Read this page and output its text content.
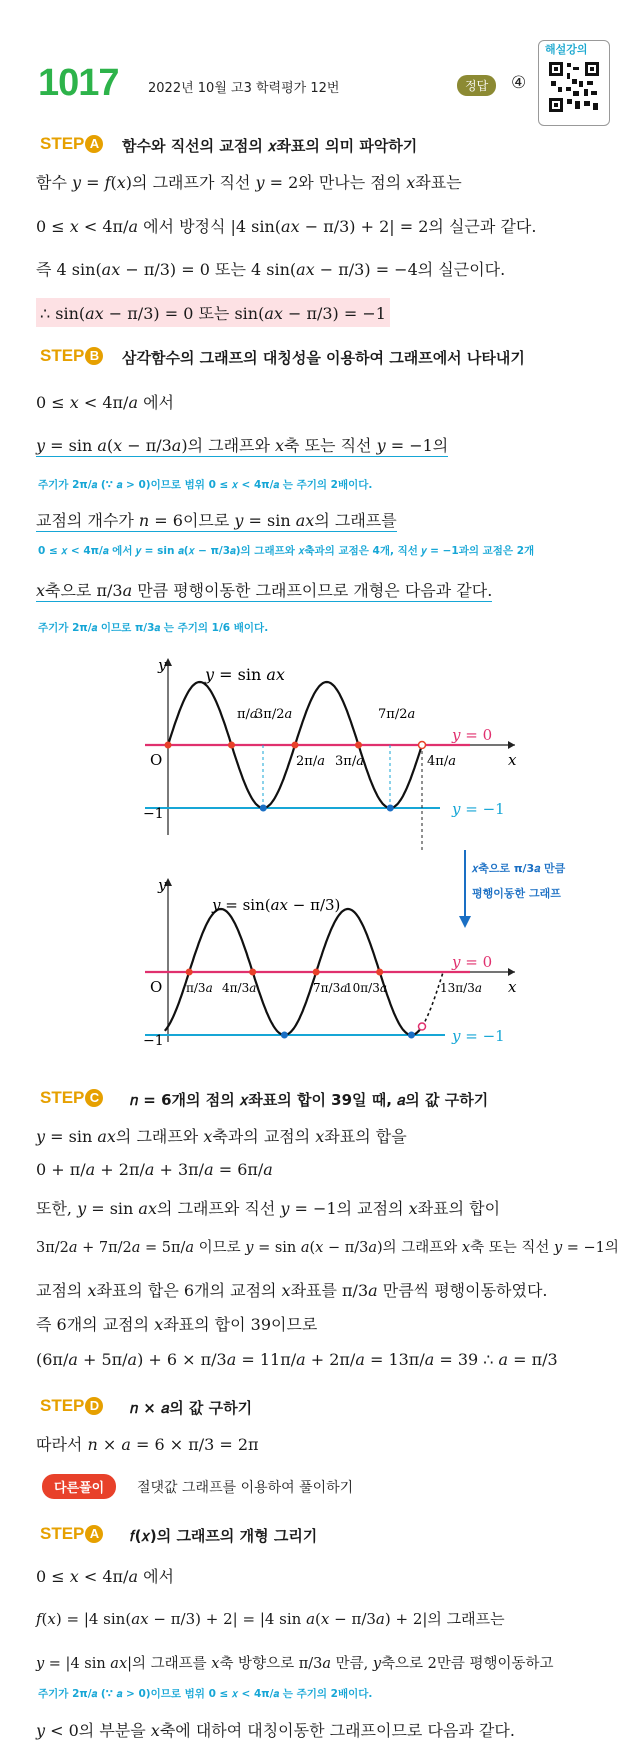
1017 2022년 10월 고3 학력평가 12번	정답	④
해설강의
STEP A 함수와 직선의 교점의 𝑥좌표의 의미 파악하기
함수 𝑦 = 𝑓(𝑥)의 그래프가 직선 𝑦 = 2와 만나는 점의 𝑥좌표는
0 ≤ 𝑥 < 4π/𝑎 에서 방정식 |4 sin(𝑎𝑥 − π/3) + 2| = 2의 실근과 같다.
즉 4 sin(𝑎𝑥 − π/3) = 0 또는 4 sin(𝑎𝑥 − π/3) = −4의 실근이다.
∴ sin(𝑎𝑥 − π/3) = 0 또는 sin(𝑎𝑥 − π/3) = −1
STEP B 삼각함수의 그래프의 대칭성을 이용하여 그래프에서 나타내기
0 ≤ 𝑥 < 4π/𝑎 에서
𝑦 = sin 𝑎(𝑥 − π/3𝑎)의 그래프와 𝑥축 또는 직선 𝑦 = −1의
주기가 2π/𝑎 (∵ 𝑎 > 0)이므로 범위 0 ≤ 𝑥 < 4π/𝑎 는 주기의 2배이다.
교점의 개수가 𝑛 = 6이므로 𝑦 = sin 𝑎𝑥의 그래프를
0 ≤ 𝑥 < 4π/𝑎 에서 𝑦 = sin 𝑎(𝑥 − π/3𝑎)의 그래프와 𝑥축과의 교점은 4개, 직선 𝑦 = −1과의 교점은 2개
𝑥축으로 π/3𝑎 만큼 평행이동한 그래프이므로 개형은 다음과 같다.
주기가 2π/𝑎 이므로 π/3𝑎 는 주기의 1/6 배이다.
𝑦
𝑥
O
−1
𝑦 = sin 𝑎𝑥
π/𝑎
3π/2𝑎	7π/2𝑎
2π/𝑎 3π/𝑎	4π/𝑎
𝑦 = 0
𝑦 = −1
𝑥축으로 π/3𝑎 만큼
평행이동한 그래프
𝑦
𝑥
O
−1
𝑦 = sin(𝑎𝑥 − π/3)
π/3𝑎 4π/3𝑎	7π/3𝑎
10π/3𝑎	13π/3𝑎
𝑦 = 0
𝑦 = −1
STEP C 𝑛 = 6개의 점의 𝑥좌표의 합이 39일 때, 𝑎의 값 구하기
𝑦 = sin 𝑎𝑥의 그래프와 𝑥축과의 교점의 𝑥좌표의 합을
0 + π/𝑎 + 2π/𝑎 + 3π/𝑎 = 6π/𝑎
또한, 𝑦 = sin 𝑎𝑥의 그래프와 직선 𝑦 = −1의 교점의 𝑥좌표의 합이
3π/2𝑎 + 7π/2𝑎 = 5π/𝑎 이므로 𝑦 = sin 𝑎(𝑥 − π/3𝑎)의 그래프와 𝑥축 또는 직선 𝑦 = −1의
교점의 𝑥좌표의 합은 6개의 교점의 𝑥좌표를 π/3𝑎 만큼씩 평행이동하였다.
즉 6개의 교점의 𝑥좌표의 합이 39이므로
(6π/𝑎 + 5π/𝑎) + 6 × π/3𝑎 = 11π/𝑎 + 2π/𝑎 = 13π/𝑎 = 39 ∴ 𝑎 = π/3
STEP D 𝑛 × 𝑎의 값 구하기
따라서 𝑛 × 𝑎 = 6 × π/3 = 2π
다른풀이	절댓값 그래프를 이용하여 풀이하기
STEP A 𝑓(𝑥)의 그래프의 개형 그리기
0 ≤ 𝑥 < 4π/𝑎 에서
𝑓(𝑥) = |4 sin(𝑎𝑥 − π/3) + 2| = |4 sin 𝑎(𝑥 − π/3𝑎) + 2|의 그래프는
𝑦 = |4 sin 𝑎𝑥|의 그래프를 𝑥축 방향으로 π/3𝑎 만큼, 𝑦축으로 2만큼 평행이동하고
주기가 2π/𝑎 (∵ 𝑎 > 0)이므로 범위 0 ≤ 𝑥 < 4π/𝑎 는 주기의 2배이다.
𝑦 < 0의 부분을 𝑥축에 대하여 대칭이동한 그래프이므로 다음과 같다.
